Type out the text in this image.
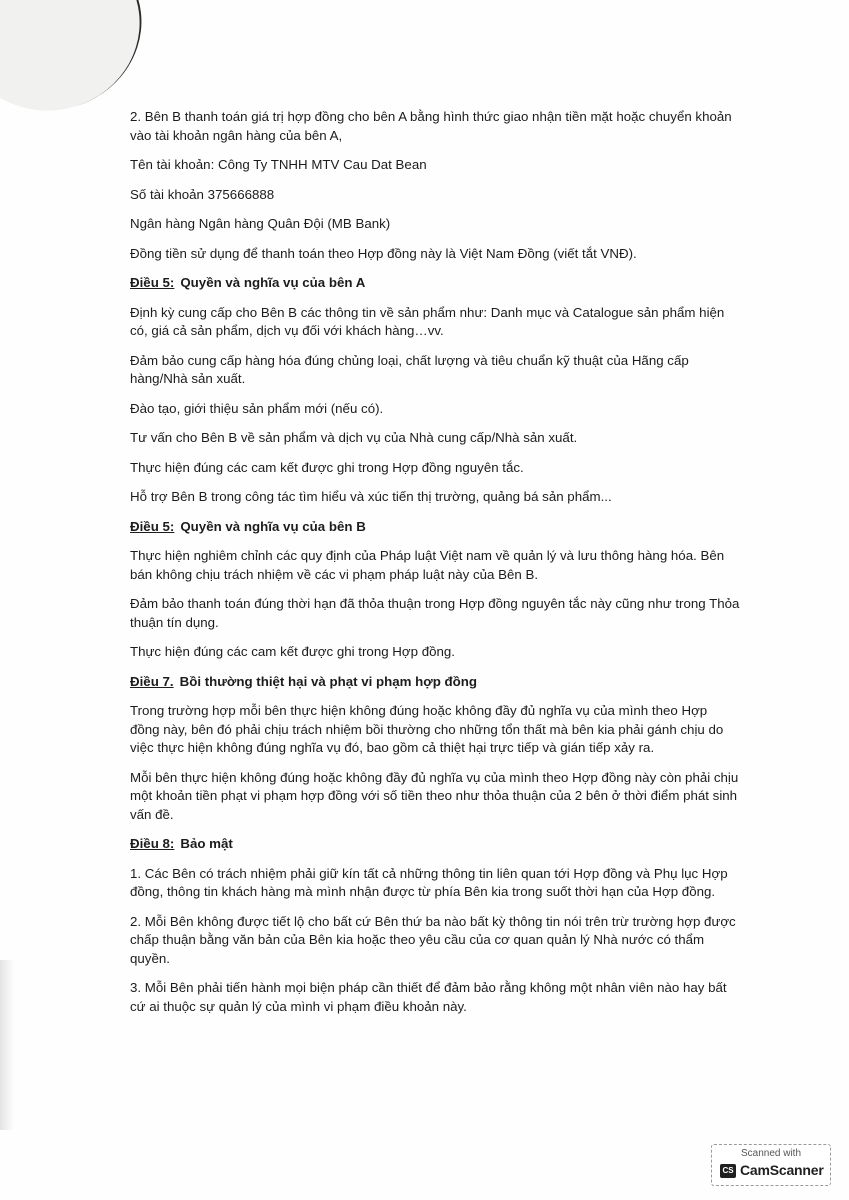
2. Bên B thanh toán giá trị hợp đồng cho bên A bằng hình thức giao nhận tiền mặt hoặc chuyển khoản vào tài khoản ngân hàng của bên A,
Tên tài khoản: Công Ty TNHH MTV Cau Dat Bean
Số tài khoản 375666888
Ngân hàng Ngân hàng Quân Đội (MB Bank)
Đồng tiền sử dụng để thanh toán theo Hợp đồng này là Việt Nam Đồng (viết tắt VNĐ).
Điều 5: Quyền và nghĩa vụ của bên A
Định kỳ cung cấp cho Bên B các thông tin về sản phẩm như: Danh mục và Catalogue sản phẩm hiện có, giá cả sản phẩm, dịch vụ đối với khách hàng…vv.
Đảm bảo cung cấp hàng hóa đúng chủng loại, chất lượng và tiêu chuẩn kỹ thuật của Hãng cấp hàng/Nhà sản xuất.
Đào tạo, giới thiệu sản phẩm mới (nếu có).
Tư vấn cho Bên B về sản phẩm và dịch vụ của Nhà cung cấp/Nhà sản xuất.
Thực hiện đúng các cam kết được ghi trong Hợp đồng nguyên tắc.
Hỗ trợ Bên B trong công tác tìm hiểu và xúc tiến thị trường, quảng bá sản phẩm...
Điều 5: Quyền và nghĩa vụ của bên B
Thực hiện nghiêm chỉnh các quy định của Pháp luật Việt nam về quản lý và lưu thông hàng hóa. Bên bán không chịu trách nhiệm về các vi phạm pháp luật này của Bên B.
Đảm bảo thanh toán đúng thời hạn đã thỏa thuận trong Hợp đồng nguyên tắc này cũng như trong Thỏa thuận tín dụng.
Thực hiện đúng các cam kết được ghi trong Hợp đồng.
Điều 7. Bồi thường thiệt hại và phạt vi phạm hợp đồng
Trong trường hợp mỗi bên thực hiện không đúng hoặc không đầy đủ nghĩa vụ của mình theo Hợp đồng này, bên đó phải chịu trách nhiệm bồi thường cho những tổn thất mà bên kia phải gánh chịu do việc thực hiện không đúng nghĩa vụ đó, bao gồm cả thiệt hại trực tiếp và gián tiếp xảy ra.
Mỗi bên thực hiện không đúng hoặc không đầy đủ nghĩa vụ của mình theo Hợp đồng này còn phải chịu một khoản tiền phạt vi phạm hợp đồng với số tiền theo như thỏa thuận của 2 bên ở thời điểm phát sinh vấn đề.
Điều 8: Bảo mật
1. Các Bên có trách nhiệm phải giữ kín tất cả những thông tin liên quan tới Hợp đồng và Phụ lục Hợp đồng, thông tin khách hàng mà mình nhận được từ phía Bên kia trong suốt thời hạn của Hợp đồng.
2. Mỗi Bên không được tiết lộ cho bất cứ Bên thứ ba nào bất kỳ thông tin nói trên trừ trường hợp được chấp thuận bằng văn bản của Bên kia hoặc theo yêu cầu của cơ quan quản lý Nhà nước có thẩm quyền.
3. Mỗi Bên phải tiến hành mọi biện pháp cần thiết để đảm bảo rằng không một nhân viên nào hay bất cứ ai thuộc sự quản lý của mình vi phạm điều khoản này.
Scanned with
CS CamScanner
